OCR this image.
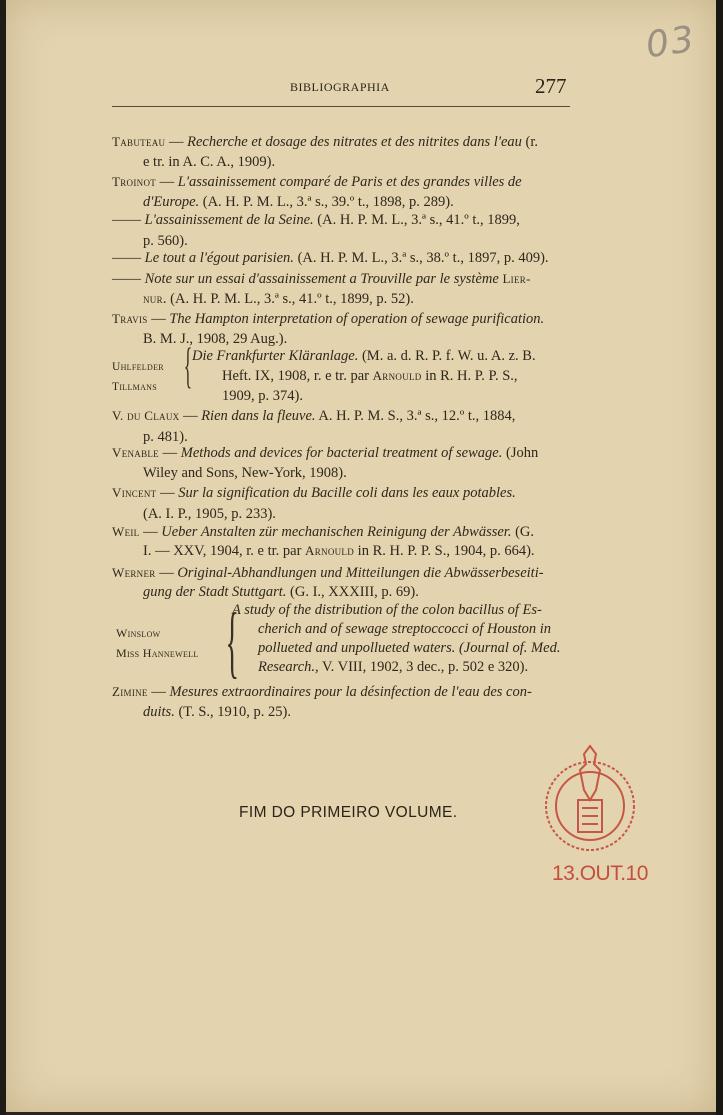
03
BIBLIOGRAPHIA	277
Tabuteau — Recherche et dosage des nitrates et des nitrites dans l'eau (r.
e tr. in A. C. A., 1909).
Troinot — L'assainissement comparé de Paris et des grandes villes de
d'Europe. (A. H. P. M. L., 3.ª s., 39.º t., 1898, p. 289).
—— L'assainissement de la Seine. (A. H. P. M. L., 3.ª s., 41.º t., 1899,
p. 560).
—— Le tout a l'égout parisien. (A. H. P. M. L., 3.ª s., 38.º t., 1897, p. 409).
—— Note sur un essai d'assainissement a Trouville par le système Lier-
nur. (A. H. P. M. L., 3.ª s., 41.º t., 1899, p. 52).
Travis — The Hampton interpretation of operation of sewage purification.
B. M. J., 1908, 29 Aug.).
Uhlfelder
Tillmans { Die Frankfurter Kläranlage. (M. a. d. R. P. f. W. u. A. z. B.
Heft. IX, 1908, r. e tr. par Arnould in R. H. P. P. S.,
1909, p. 374).
V. du Claux — Rien dans la fleuve. A. H. P. M. S., 3.ª s., 12.º t., 1884,
p. 481).
Venable — Methods and devices for bacterial treatment of sewage. (John
Wiley and Sons, New-York, 1908).
Vincent — Sur la signification du Bacille coli dans les eaux potables.
(A. I. P., 1905, p. 233).
Weil — Ueber Anstalten zür mechanischen Reinigung der Abwässer. (G.
I. — XXV, 1904, r. e tr. par Arnould in R. H. P. P. S., 1904, p. 664).
Werner — Original-Abhandlungen und Mitteilungen die Abwässerbeseiti-
gung der Stadt Stuttgart. (G. I., XXXIII, p. 69).
Winslow
Miss Hannewell {
A study of the distribution of the colon bacillus of Es-
cherich and of sewage streptoccocci of Houston in
pollueted and unpollueted waters. (Journal of. Med.
Research., V. VIII, 1902, 3 dec., p. 502 e 320).
Zimine — Mesures extraordinaires pour la désinfection de l'eau des con-
duits. (T. S., 1910, p. 25).
FIM DO PRIMEIRO VOLUME.
13.OUT.10
